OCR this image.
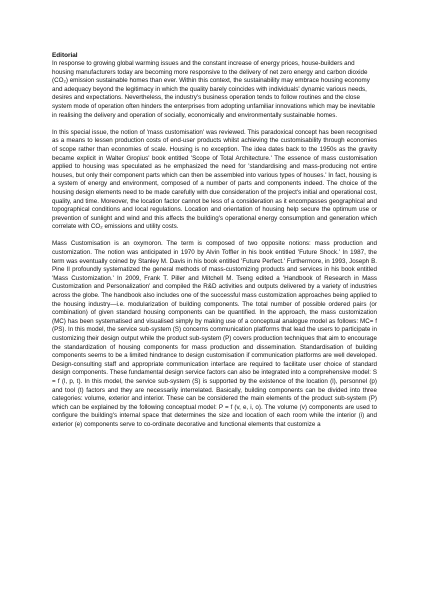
Editorial

In response to growing global warming issues and the constant increase of energy prices, house-builders and housing manufacturers today are becoming more responsive to the delivery of net zero energy and carbon dioxide (CO₂) emission sustainable homes than ever. Within this context, the sustainability may embrace housing economy and adequacy beyond the legitimacy in which the quality barely coincides with individuals' dynamic various needs, desires and expectations. Nevertheless, the industry's business operation tends to follow routines and the close system mode of operation often hinders the enterprises from adopting unfamiliar innovations which may be inevitable in realising the delivery and operation of socially, economically and environmentally sustainable homes.

In this special issue, the notion of 'mass customisation' was reviewed. This paradoxical concept has been recognised as a means to lessen production costs of end-user products whilst achieving the customisability through economies of scope rather than economies of scale. Housing is no exception. The idea dates back to the 1950s as the gravity became explicit in Walter Gropius' book entitled 'Scope of Total Architecture.' The essence of mass customisation applied to housing was speculated as he emphasized the need for 'standardising and mass-producing not entire houses, but only their component parts which can then be assembled into various types of houses.' In fact, housing is a system of energy and environment, composed of a number of parts and components indeed. The choice of the housing design elements need to be made carefully with due consideration of the project's initial and operational cost, quality, and time. Moreover, the location factor cannot be less of a consideration as it encompasses geographical and topographical conditions and local regulations. Location and orientation of housing help secure the optimum use or prevention of sunlight and wind and this affects the building's operational energy consumption and generation which correlate with CO₂ emissions and utility costs.

Mass Customisation is an oxymoron. The term is composed of two opposite notions: mass production and customization. The notion was anticipated in 1970 by Alvin Toffler in his book entitled 'Future Shock.' In 1987, the term was eventually coined by Stanley M. Davis in his book entitled 'Future Perfect.' Furthermore, in 1993, Joseph B. Pine II profoundly systematized the general methods of mass-customizing products and services in his book entitled 'Mass Customization.' In 2009, Frank T. Piller and Mitchell M. Tseng edited a 'Handbook of Research in Mass Customization and Personalization' and compiled the R&D activities and outputs delivered by a variety of industries across the globe. The handbook also includes one of the successful mass customization approaches being applied to the housing industry—i.e. modularization of building components. The total number of possible ordered pairs (or combination) of given standard housing components can be quantified. In the approach, the mass customization (MC) has been systematised and visualised simply by making use of a conceptual analogue model as follows: MC= f (PS). In this model, the service sub-system (S) concerns communication platforms that lead the users to participate in customizing their design output while the product sub-system (P) covers production techniques that aim to encourage the standardization of housing components for mass production and dissemination. Standardisation of building components seems to be a limited hindrance to design customisation if communication platforms are well developed. Design-consulting staff and appropriate communication interface are required to facilitate user choice of standard design components. These fundamental design service factors can also be integrated into a comprehensive model: S = f (l, p, t). In this model, the service sub-system (S) is supported by the existence of the location (l), personnel (p) and tool (t) factors and they are necessarily interrelated. Basically, building components can be divided into three categories: volume, exterior and interior. These can be considered the main elements of the product sub-system (P) which can be explained by the following conceptual model: P = f (v, e, i, o). The volume (v) components are used to configure the building's internal space that determines the size and location of each room while the interior (i) and exterior (e) components serve to co-ordinate decorative and functional elements that customize a
